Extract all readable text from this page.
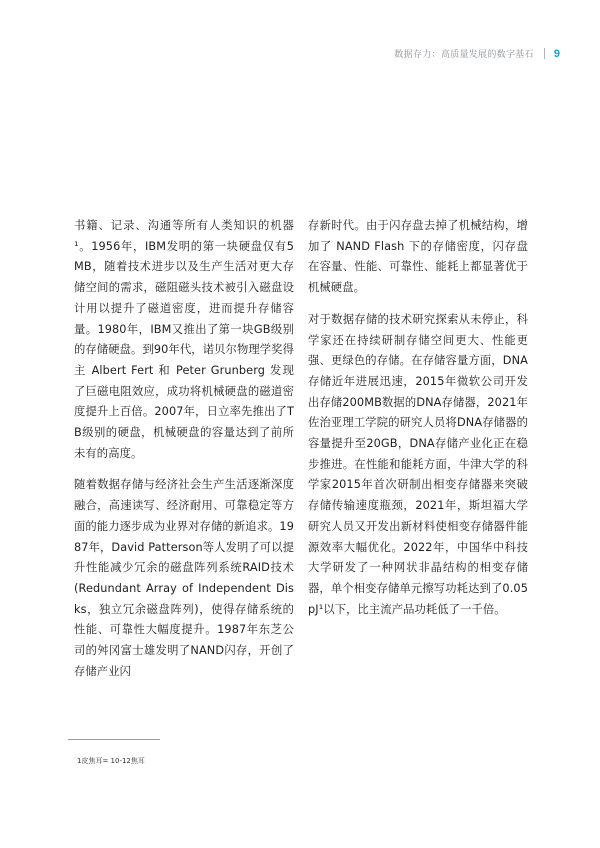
数据存力：高质量发展的数字基石 9

书籍、记录、沟通等所有人类知识的机器¹。1956年，IBM发明的第一块硬盘仅有5MB，随着技术进步以及生产生活对更大存储空间的需求，磁阻磁头技术被引入磁盘设计用以提升了磁道密度，进而提升存储容量。1980年，IBM又推出了第一块GB级别的存储硬盘。到90年代，诺贝尔物理学奖得主 Albert Fert 和 Peter Grunberg 发现了巨磁电阻效应，成功将机械硬盘的磁道密度提升上百倍。2007年，日立率先推出了TB级别的硬盘，机械硬盘的容量达到了前所未有的高度。

随着数据存储与经济社会生产生活逐渐深度融合，高速读写、经济耐用、可靠稳定等方面的能力逐步成为业界对存储的新追求。1987年，David Patterson等人发明了可以提升性能减少冗余的磁盘阵列系统RAID技术(Redundant Array of Independent Disks，独立冗余磁盘阵列)，使得存储系统的性能、可靠性大幅度提升。1987年东芝公司的舛冈富士雄发明了NAND闪存，开创了存储产业闪

存新时代。由于闪存盘去掉了机械结构，增加了 NAND Flash 下的存储密度，闪存盘在容量、性能、可靠性、能耗上都显著优于机械硬盘。

对于数据存储的技术研究探索从未停止，科学家还在持续研制存储空间更大、性能更强、更绿色的存储。在存储容量方面，DNA存储近年进展迅速，2015年微软公司开发出存储200MB数据的DNA存储器，2021年佐治亚理工学院的研究人员将DNA存储器的容量提升至20GB，DNA存储产业化正在稳步推进。在性能和能耗方面，牛津大学的科学家2015年首次研制出相变存储器来突破存储传输速度瓶颈，2021年，斯坦福大学研究人员又开发出新材料使相变存储器件能源效率大幅优化。2022年，中国华中科技大学研发了一种网状非晶结构的相变存储器，单个相变存储单元擦写功耗达到了0.05pJ¹以下，比主流产品功耗低了一千倍。

1皮焦耳= 10-12焦耳
